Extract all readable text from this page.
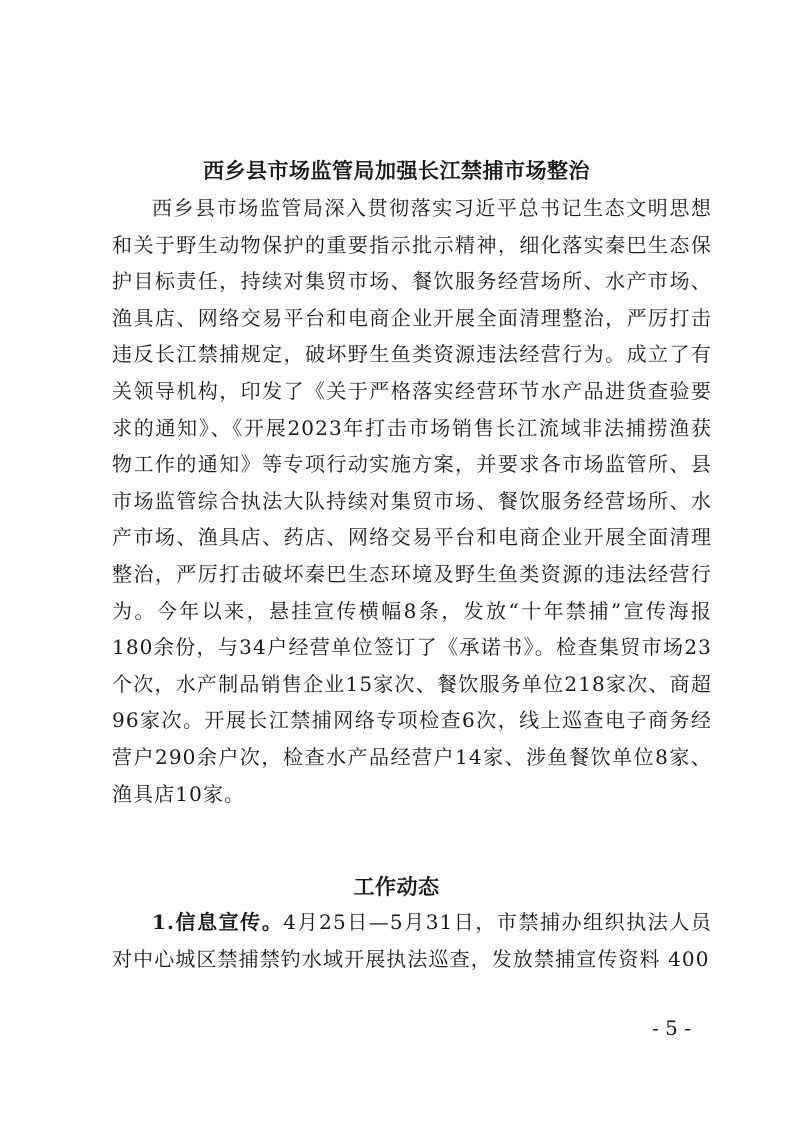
西乡县市场监管局加强长江禁捕市场整治

西乡县市场监管局深入贯彻落实习近平总书记生态文明思想和关于野生动物保护的重要指示批示精神，细化落实秦巴生态保护目标责任，持续对集贸市场、餐饮服务经营场所、水产市场、渔具店、网络交易平台和电商企业开展全面清理整治，严厉打击违反长江禁捕规定，破坏野生鱼类资源违法经营行为。成立了有关领导机构，印发了《关于严格落实经营环节水产品进货查验要求的通知》、《开展2023年打击市场销售长江流域非法捕捞渔获物工作的通知》等专项行动实施方案，并要求各市场监管所、县市场监管综合执法大队持续对集贸市场、餐饮服务经营场所、水产市场、渔具店、药店、网络交易平台和电商企业开展全面清理整治，严厉打击破坏秦巴生态环境及野生鱼类资源的违法经营行为。今年以来，悬挂宣传横幅8条，发放“十年禁捕”宣传海报180余份，与34户经营单位签订了《承诺书》。检查集贸市场23个次，水产制品销售企业15家次、餐饮服务单位218家次、商超96家次。开展长江禁捕网络专项检查6次，线上巡查电子商务经营户290余户次，检查水产品经营户14家、涉鱼餐饮单位8家、渔具店10家。

工作动态

1.信息宣传。4月25日—5月31日，市禁捕办组织执法人员对中心城区禁捕禁钓水域开展执法巡查，发放禁捕宣传资料 400

- 5 -
